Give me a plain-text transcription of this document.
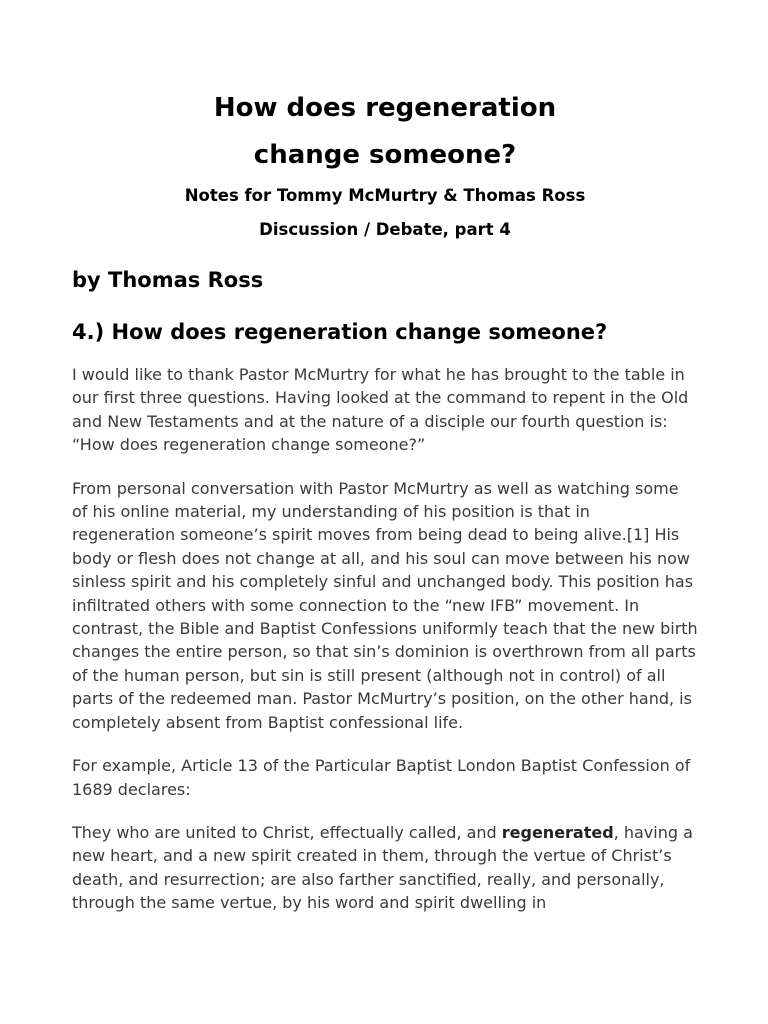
How does regeneration
change someone?

Notes for Tommy McMurtry & Thomas Ross
Discussion / Debate, part 4

by Thomas Ross
4.) How does regeneration change someone?

I would like to thank Pastor McMurtry for what he has brought to the table in our first three questions. Having looked at the command to repent in the Old and New Testaments and at the nature of a disciple our fourth question is: “How does regeneration change someone?”

From personal conversation with Pastor McMurtry as well as watching some of his online material, my understanding of his position is that in regeneration someone’s spirit moves from being dead to being alive.[1] His body or flesh does not change at all, and his soul can move between his now sinless spirit and his completely sinful and unchanged body. This position has infiltrated others with some connection to the “new IFB” movement. In contrast, the Bible and Baptist Confessions uniformly teach that the new birth changes the entire person, so that sin’s dominion is overthrown from all parts of the human person, but sin is still present (although not in control) of all parts of the redeemed man. Pastor McMurtry’s position, on the other hand, is completely absent from Baptist confessional life.

For example, Article 13 of the Particular Baptist London Baptist Confession of 1689 declares:

They who are united to Christ, effectually called, and regenerated, having a new heart, and a new spirit created in them, through the vertue of Christ’s death, and resurrection; are also farther sanctified, really, and personally, through the same vertue, by his word and spirit dwelling in
